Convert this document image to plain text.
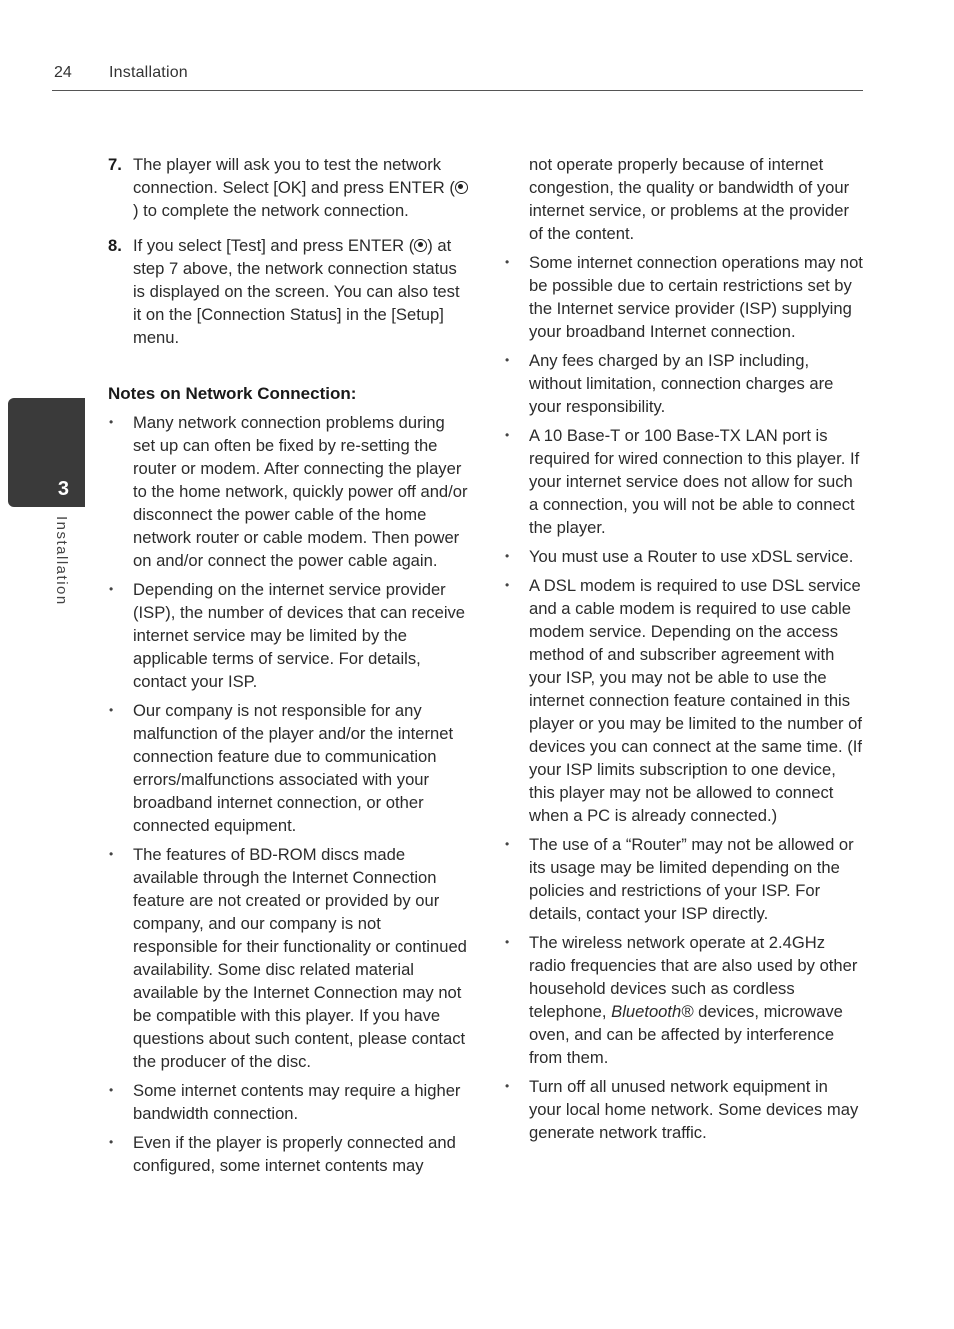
24 Installation
3
Installation
7. The player will ask you to test the network connection. Select [OK] and press ENTER () to complete the network connection.
8. If you select [Test] and press ENTER ( ) at step 7 above, the network connection status is displayed on the screen. You can also test it on the [Connection Status] in the [Setup] menu.
Notes on Network Connection:
• Many network connection problems during set up can often be fixed by re-setting the router or modem. After connecting the player to the home network, quickly power off and/or disconnect the power cable of the home network router or cable modem. Then power on and/or connect the power cable again.
• Depending on the internet service provider (ISP), the number of devices that can receive internet service may be limited by the applicable terms of service. For details, contact your ISP.
• Our company is not responsible for any malfunction of the player and/or the internet connection feature due to communication errors/malfunctions associated with your broadband internet connection, or other connected equipment.
• The features of BD-ROM discs made available through the Internet Connection feature are not created or provided by our company, and our company is not responsible for their functionality or continued availability. Some disc related material available by the Internet Connection may not be compatible with this player. If you have questions about such content, please contact the producer of the disc.
• Some internet contents may require a higher bandwidth connection.
• Even if the player is properly connected and configured, some internet contents may
not operate properly because of internet congestion, the quality or bandwidth of your internet service, or problems at the provider of the content.
• Some internet connection operations may not be possible due to certain restrictions set by the Internet service provider (ISP) supplying your broadband Internet connection.
• Any fees charged by an ISP including, without limitation, connection charges are your responsibility.
• A 10 Base-T or 100 Base-TX LAN port is required for wired connection to this player. If your internet service does not allow for such a connection, you will not be able to connect the player.
• You must use a Router to use xDSL service.
• A DSL modem is required to use DSL service and a cable modem is required to use cable modem service. Depending on the access method of and subscriber agreement with your ISP, you may not be able to use the internet connection feature contained in this player or you may be limited to the number of devices you can connect at the same time. (If your ISP limits subscription to one device, this player may not be allowed to connect when a PC is already connected.)
• The use of a “Router” may not be allowed or its usage may be limited depending on the policies and restrictions of your ISP. For details, contact your ISP directly.
• The wireless network operate at 2.4GHz radio frequencies that are also used by other household devices such as cordless telephone, Bluetooth® devices, microwave oven, and can be affected by interference from them.
• Turn off all unused network equipment in your local home network. Some devices may generate network traffic.
